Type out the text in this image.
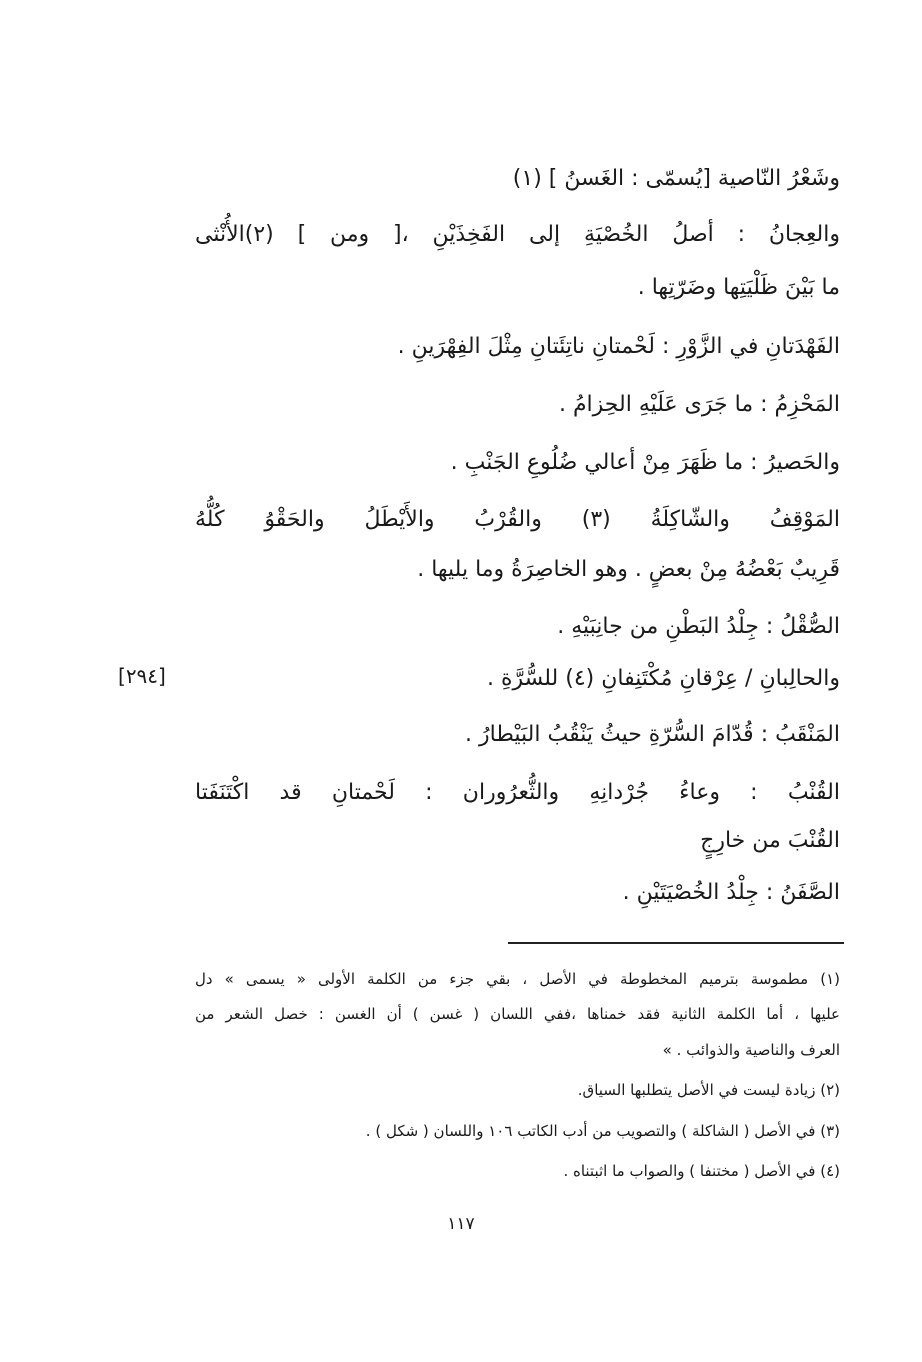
وشَعْرُ النّاصية [يُسمّى : الغَسنُ ] (١)
والعِجانُ : أصلُ الخُصْيَةِ إلى الفَخِذَيْنِ ،[ ومن ] (٢)الأُنْثى
ما بَيْنَ ظَلْيَتِها وضَرّتِها .
الفَهْدَتانِ في الزَّوْرِ : لَحْمتانِ ناتِئَتانِ مِثْلَ الفِهْرَينِ .
المَحْزِمُ : ما جَرَى عَلَيْهِ الحِزامُ .
والحَصيرُ : ما ظَهَرَ مِنْ أعالي ضُلُوعِ الجَنْبِ .
المَوْقِفُ والشّاكِلَةُ (٣) والقُرْبُ والأَيْطَلُ والحَقْوُ كُلُّهُ
قَرِيبٌ بَعْضُهُ مِنْ بعضٍ . وهو الخاصِرَةُ وما يليها .
الصُّقْلُ : جِلْدُ البَطْنِ من جانِبَيْهِ .
والحالِبانِ / عِرْقانِ مُكْتَنِفانِ (٤) للسُّرَّةِ .
المَنْقَبُ : قُدّامَ السُّرّةِ حيثُ يَنْقُبُ البَيْطارُ .
القُنْبُ : وعاءُ جُرْدانِهِ والثُّعرُوران : لَحْمتانِ قد اكْتَنَفَتا
القُنْبَ من خارِجٍ
الصَّفَنُ : جِلْدُ الخُصْيَتَيْنِ .
[٢٩٤]
(١) مطموسة بترميم المخطوطة في الأصل ، بقي جزء من الكلمة الأولى « يسمى » دل
عليها ، أما الكلمة الثانية فقد خمناها ،ففي اللسان ( غسن ) أن الغسن : خصل الشعر من
العرف والناصية والذوائب . »
(٢) زيادة ليست في الأصل يتطلبها السياق.
(٣) في الأصل ( الشاكلة ) والتصويب من أدب الكاتب ١٠٦ واللسان ( شكل ) .
(٤) في الأصل ( مختنفا ) والصواب ما اثبتناه .
١١٧
